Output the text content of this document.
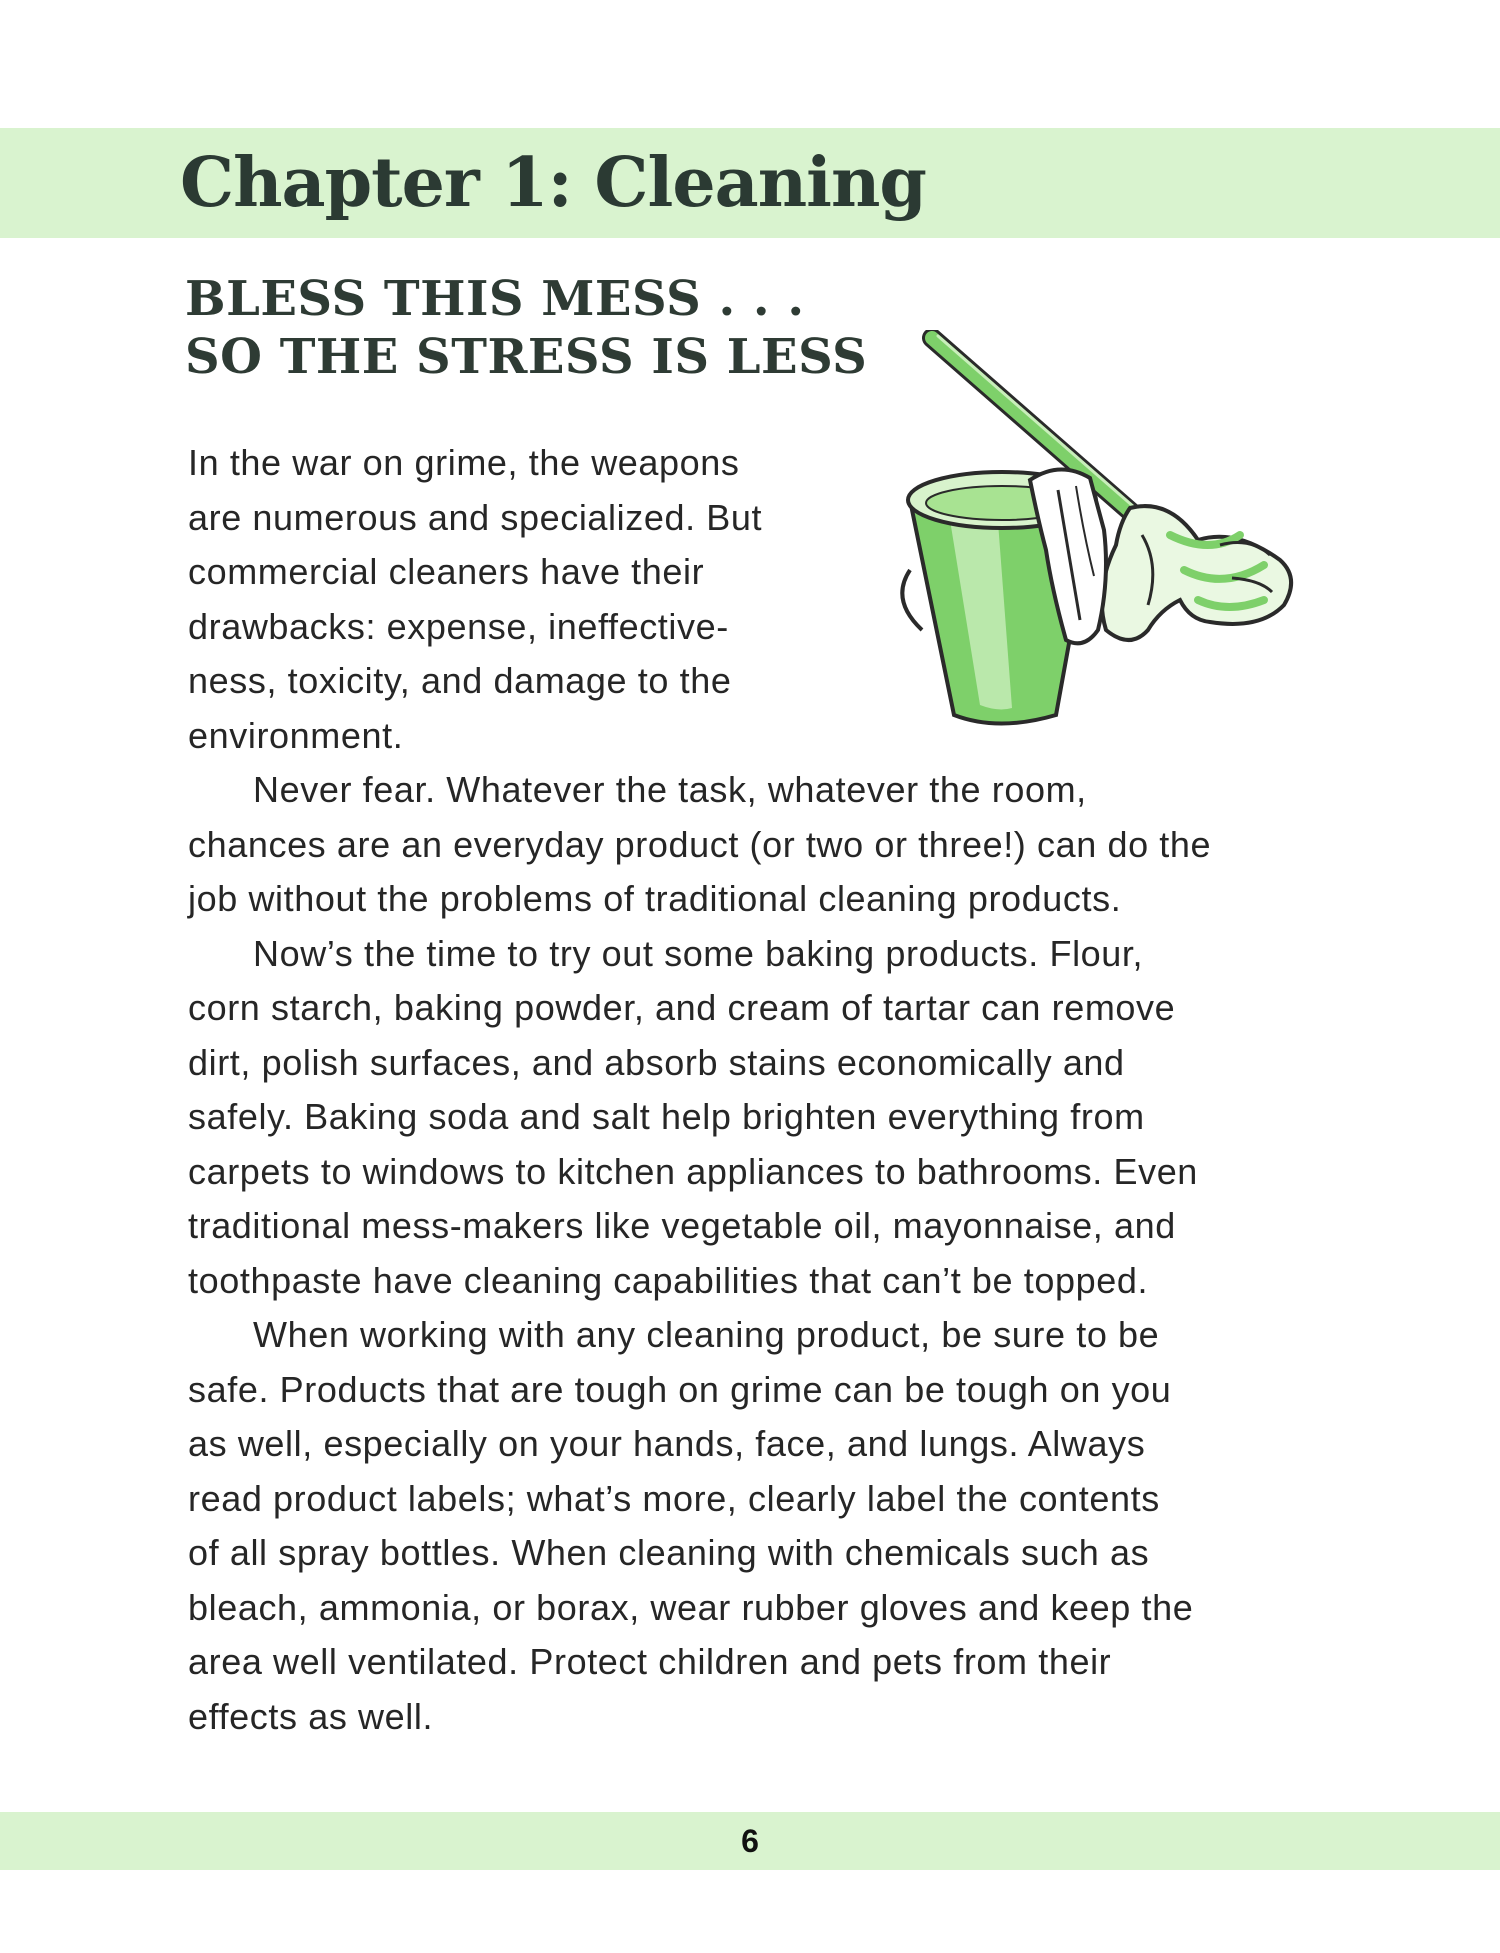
Chapter 1: Cleaning
BLESS THIS MESS . . .
SO THE STRESS IS LESS
In the war on grime, the weapons
are numerous and specialized. But
commercial cleaners have their
drawbacks: expense, ineffective-
ness, toxicity, and damage to the
environment.
Never fear. Whatever the task, whatever the room,
chances are an everyday product (or two or three!) can do the
job without the problems of traditional cleaning products.
Now’s the time to try out some baking products. Flour,
corn starch, baking powder, and cream of tartar can remove
dirt, polish surfaces, and absorb stains economically and
safely. Baking soda and salt help brighten everything from
carpets to windows to kitchen appliances to bathrooms. Even
traditional mess-makers like vegetable oil, mayonnaise, and
toothpaste have cleaning capabilities that can’t be topped.
When working with any cleaning product, be sure to be
safe. Products that are tough on grime can be tough on you
as well, especially on your hands, face, and lungs. Always
read product labels; what’s more, clearly label the contents
of all spray bottles. When cleaning with chemicals such as
bleach, ammonia, or borax, wear rubber gloves and keep the
area well ventilated. Protect children and pets from their
effects as well.

6
